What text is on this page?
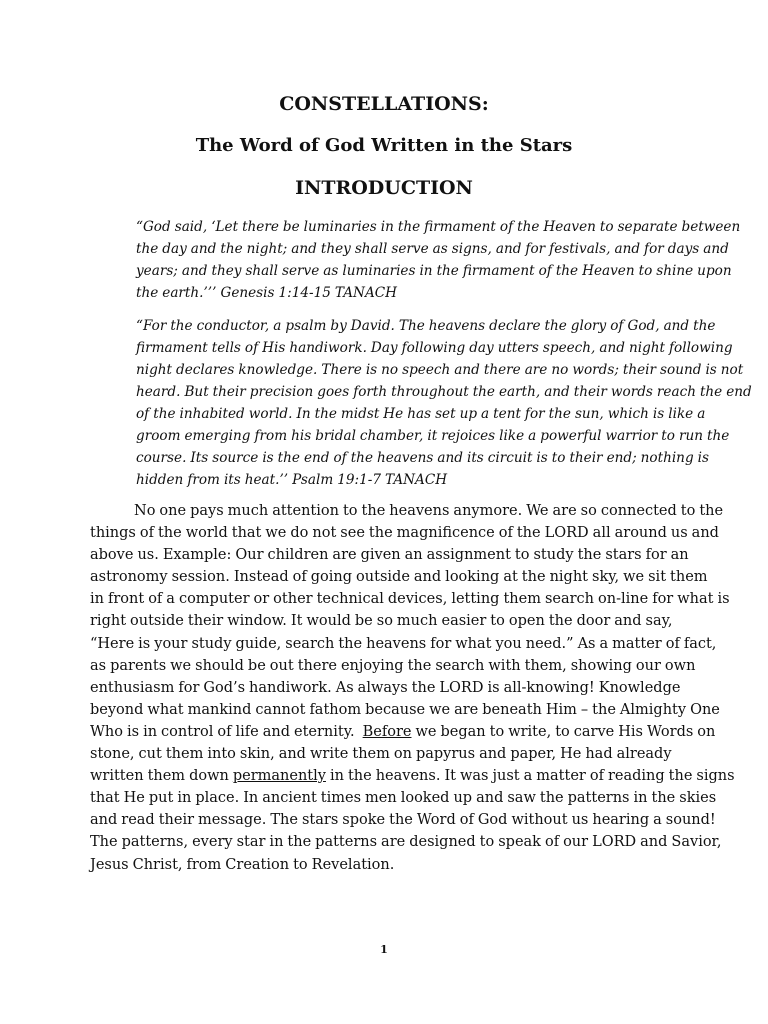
CONSTELLATIONS:
The Word of God Written in the Stars
INTRODUCTION

“God said, ‘Let there be luminaries in the firmament of the Heaven to separate between
the day and the night; and they shall serve as signs, and for festivals, and for days and
years; and they shall serve as luminaries in the firmament of the Heaven to shine upon
the earth.’’’ Genesis 1:14-15 TANACH

“For the conductor, a psalm by David. The heavens declare the glory of God, and the
firmament tells of His handiwork. Day following day utters speech, and night following
night declares knowledge. There is no speech and there are no words; their sound is not
heard. But their precision goes forth throughout the earth, and their words reach the end
of the inhabited world. In the midst He has set up a tent for the sun, which is like a
groom emerging from his bridal chamber, it rejoices like a powerful warrior to run the
course. Its source is the end of the heavens and its circuit is to their end; nothing is
hidden from its heat.’’ Psalm 19:1-7 TANACH

No one pays much attention to the heavens anymore. We are so connected to the
things of the world that we do not see the magnificence of the LORD all around us and
above us. Example: Our children are given an assignment to study the stars for an
astronomy session. Instead of going outside and looking at the night sky, we sit them
in front of a computer or other technical devices, letting them search on-line for what is
right outside their window. It would be so much easier to open the door and say,
“Here is your study guide, search the heavens for what you need.” As a matter of fact,
as parents we should be out there enjoying the search with them, showing our own
enthusiasm for God’s handiwork. As always the LORD is all-knowing! Knowledge
beyond what mankind cannot fathom because we are beneath Him – the Almighty One
Who is in control of life and eternity. Before we began to write, to carve His Words on
stone, cut them into skin, and write them on papyrus and paper, He had already
written them down permanently in the heavens. It was just a matter of reading the signs
that He put in place. In ancient times men looked up and saw the patterns in the skies
and read their message. The stars spoke the Word of God without us hearing a sound!
The patterns, every star in the patterns are designed to speak of our LORD and Savior,
Jesus Christ, from Creation to Revelation.

1
